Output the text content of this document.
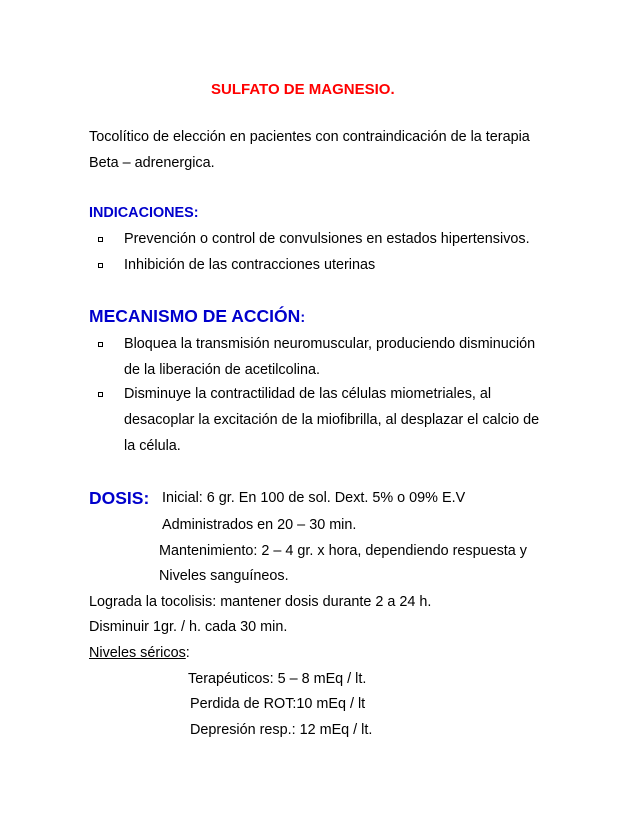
SULFATO DE MAGNESIO.
Tocolítico de elección en pacientes con contraindicación de la terapia
Beta – adrenergica.
INDICACIONES:
Prevención o control de convulsiones en estados hipertensivos.
Inhibición de las contracciones uterinas
MECANISMO DE ACCIÓN:
Bloquea la transmisión neuromuscular, produciendo disminución
de la liberación de acetilcolina.
Disminuye la contractilidad de las células miometriales, al
desacoplar la excitación de la miofibrilla, al desplazar el calcio de
la célula.
DOSIS: Inicial: 6 gr. En 100 de sol. Dext. 5% o 09% E.V
Administrados en 20 – 30 min.
Mantenimiento: 2 – 4 gr. x hora, dependiendo respuesta y
Niveles sanguíneos.
Lograda la tocolisis: mantener dosis durante 2 a 24 h.
Disminuir 1gr. / h. cada 30 min.
Niveles séricos:
Terapéuticos: 5 – 8 mEq / lt.
Perdida de ROT:10 mEq / lt
Depresión resp.: 12 mEq / lt.
